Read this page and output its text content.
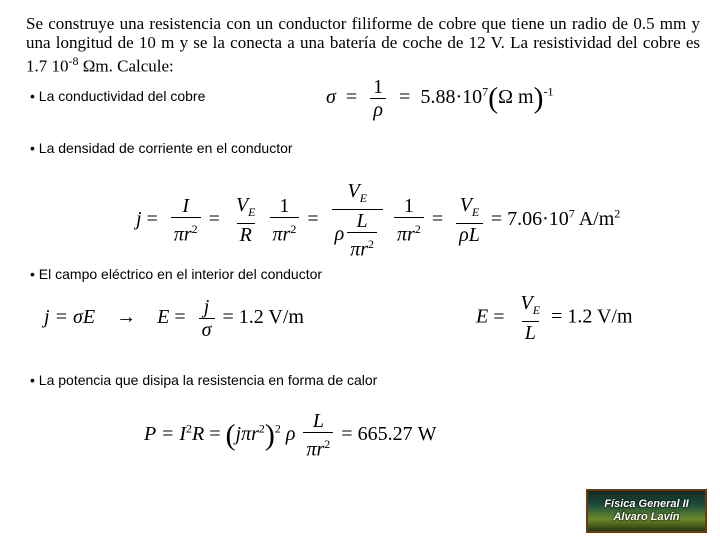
Se construye una resistencia con un conductor filiforme de cobre que tiene un radio de 0.5 mm y una longitud de 10 m y se la conecta a una batería de coche de 12 V. La resistividad del cobre es 1.7 $10^{-8}$ Ωm. Calcule:
• La conductividad del cobre	$\sigma = \frac{1}{\rho} = 5.88\cdot 10^7(\Omega$ m)$^{-1}$
• La densidad de corriente en el conductor
$j = \frac{I}{\pi r^2} = \frac{V_E}{R}$
$\frac{1}{\pi r^2} = \frac{V_E}{\rho \frac{L}{\pi r^2}}$
$\frac{1}{\pi r^2} = \frac{V_E}{\rho L} = 7.06\cdot 10^7$ $A/m^2$
• El campo eléctrico en el interior del conductor
$j = \sigma E \to E = \frac{j}{\sigma} = 1.2$ V/m	$E = \frac{V_E}{L} = 1.2$ V/m
• La potencia que disipa la resistencia en forma de calor
$P = I^2R = (j\pi r^2)^2$ ρ $\frac{L}{\pi r^2} = 665.27$ W
Física General II
Alvaro Lavín
